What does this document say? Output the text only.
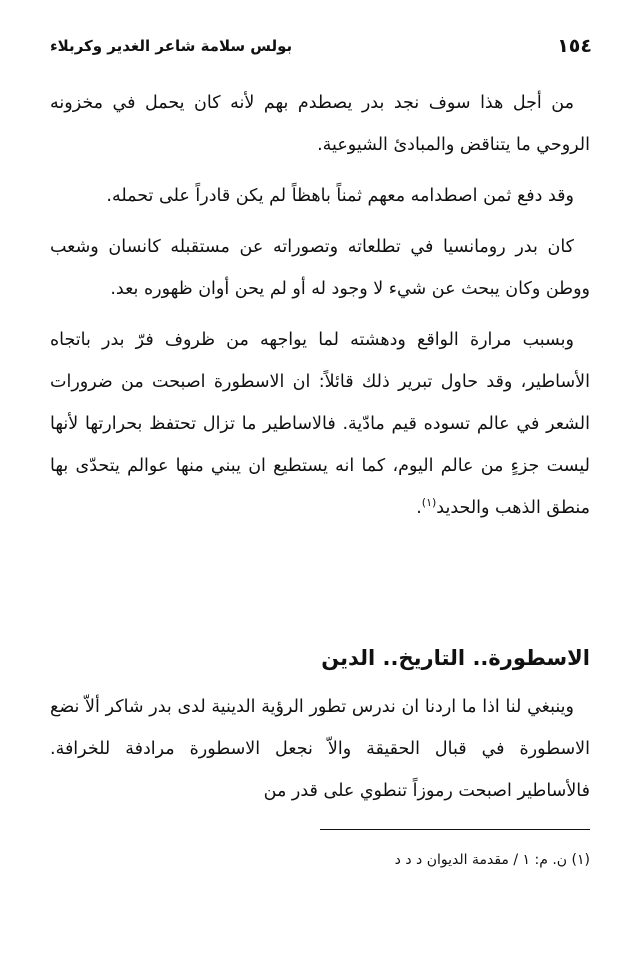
١٥٤
بولس سلامة شاعر الغدير وكربلاء

من أجل هذا سوف نجد بدر يصطدم بهم لأنه كان يحمل في مخزونه الروحي ما يتناقض والمبادئ الشيوعية.

وقد دفع ثمن اصطدامه معهم ثمناً باهظاً لم يكن قادراً على تحمله.

كان بدر رومانسيا في تطلعاته وتصوراته عن مستقبله كانسان وشعب ووطن وكان يبحث عن شيء لا وجود له أو لم يحن أوان ظهوره بعد.

وبسبب مرارة الواقع ودهشته لما يواجهه من ظروف فرّ بدر باتجاه الأساطير، وقد حاول تبرير ذلك قائلاً: ان الاسطورة اصبحت من ضرورات الشعر في عالم تسوده قيم مادّية. فالاساطير ما تزال تحتفظ بحرارتها لأنها ليست جزءٍ من عالم اليوم، كما انه يستطيع ان يبني منها عوالم يتحدّى بها منطق الذهب والحديد$^{(١)}$.

الاسطورة.. التاريخ.. الدين

وينبغي لنا اذا ما اردنا ان ندرس تطور الرؤية الدينية لدى بدر شاكر ألاّ نضع الاسطورة في قبال الحقيقة والاّ نجعل الاسطورة مرادفة للخرافة. فالأساطير اصبحت رموزاً تنطوي على قدر من

(١) ن. م: ١ / مقدمة الديوان د د د
